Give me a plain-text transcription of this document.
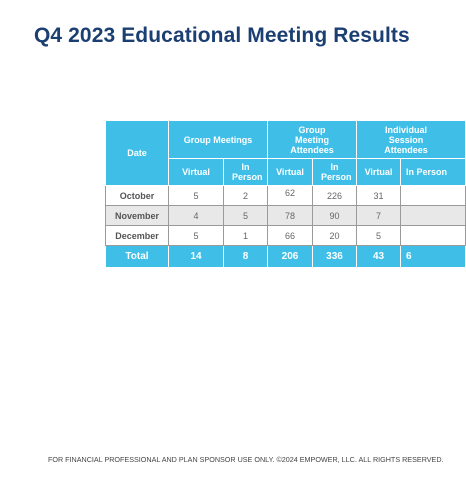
Q4 2023 Educational Meeting Results
Date	Group Meetings		Group Meeting Attendees		Individual Session Attendees	
	Virtual	In Person	Virtual	In Person	Virtual	In Person
October	5	2	62	226	31	
November	4	5	78	90	7	
December	5	1	66	20	5	
Total	14	8	206	336	43	6
FOR FINANCIAL PROFESSIONAL AND PLAN SPONSOR USE ONLY. ©2024 EMPOWER, LLC. ALL RIGHTS RESERVED.
